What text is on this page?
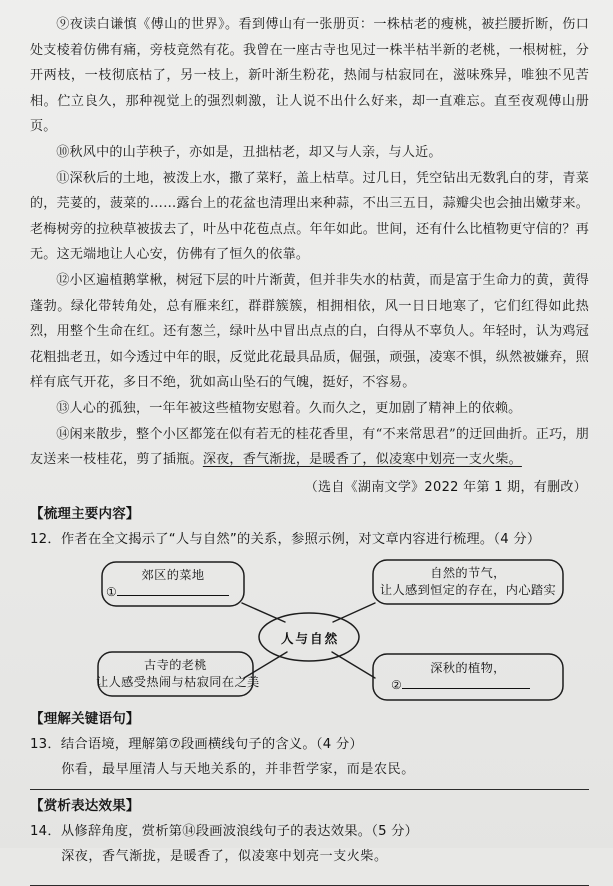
⑨夜读白谦慎《傅山的世界》。看到傅山有一张册页：一株枯老的瘦桃，被拦腰折断，伤口处支棱着仿佛有痛，旁枝竟然有花。我曾在一座古寺也见过一株半枯半新的老桃，一根树桩，分开两枝，一枝彻底枯了，另一枝上，新叶渐生粉花，热闹与枯寂同在，滋味殊异，唯独不见苦相。伫立良久，那种视觉上的强烈刺激，让人说不出什么好来，却一直难忘。直至夜观傅山册页。

⑩秋风中的山芋秧子，亦如是，丑拙枯老，却又与人亲，与人近。

⑪深秋后的土地，被泼上水，撒了菜籽，盖上枯草。过几日，凭空钻出无数乳白的芽，青菜的，芫荽的，菠菜的……露台上的花盆也清理出来种蒜，不出三五日，蒜瓣尖也会抽出嫩芽来。老梅树旁的拉秧草被拔去了，叶丛中花苞点点。年年如此。世间，还有什么比植物更守信的？再无。这无端地让人心安，仿佛有了恒久的依靠。

⑫小区遍植鹅掌楸，树冠下层的叶片渐黄，但并非失水的枯黄，而是富于生命力的黄，黄得蓬勃。绿化带转角处，总有雁来红，群群簇簇，相拥相依，风一日日地寒了，它们红得如此热烈，用整个生命在红。还有葱兰，绿叶丛中冒出点点的白，白得从不辜负人。年轻时，认为鸡冠花粗拙老丑，如今透过中年的眼，反觉此花最具品质，倔强，顽强，凌寒不惧，纵然被嫌弃，照样有底气开花，多日不绝，犹如高山坠石的气魄，挺好，不容易。

⑬人心的孤独，一年年被这些植物安慰着。久而久之，更加剧了精神上的依赖。

⑭闲来散步，整个小区都笼在似有若无的桂花香里，有“不来常思君”的迂回曲折。正巧，朋友送来一枝桂花，剪了插瓶。深夜，香气渐拢，是暖香了，似凌寒中划亮一支火柴。

（选自《湖南文学》2022 年第 1 期，有删改）
【梳理主要内容】
12．作者在全文揭示了“人与自然”的关系，参照示例，对文章内容进行梳理。（4 分）
郊区的菜地
①
自然的节气，
让人感到恒定的存在，内心踏实
古寺的老桃
让人感受热闹与枯寂同在之美
深秋的植物，
②
人与自然
【理解关键语句】
13．结合语境，理解第⑦段画横线句子的含义。（4 分）
你看，最早厘清人与天地关系的，并非哲学家，而是农民。
【赏析表达效果】
14．从修辞角度，赏析第⑭段画波浪线句子的表达效果。（5 分）
深夜，香气渐拢，是暖香了，似凌寒中划亮一支火柴。
